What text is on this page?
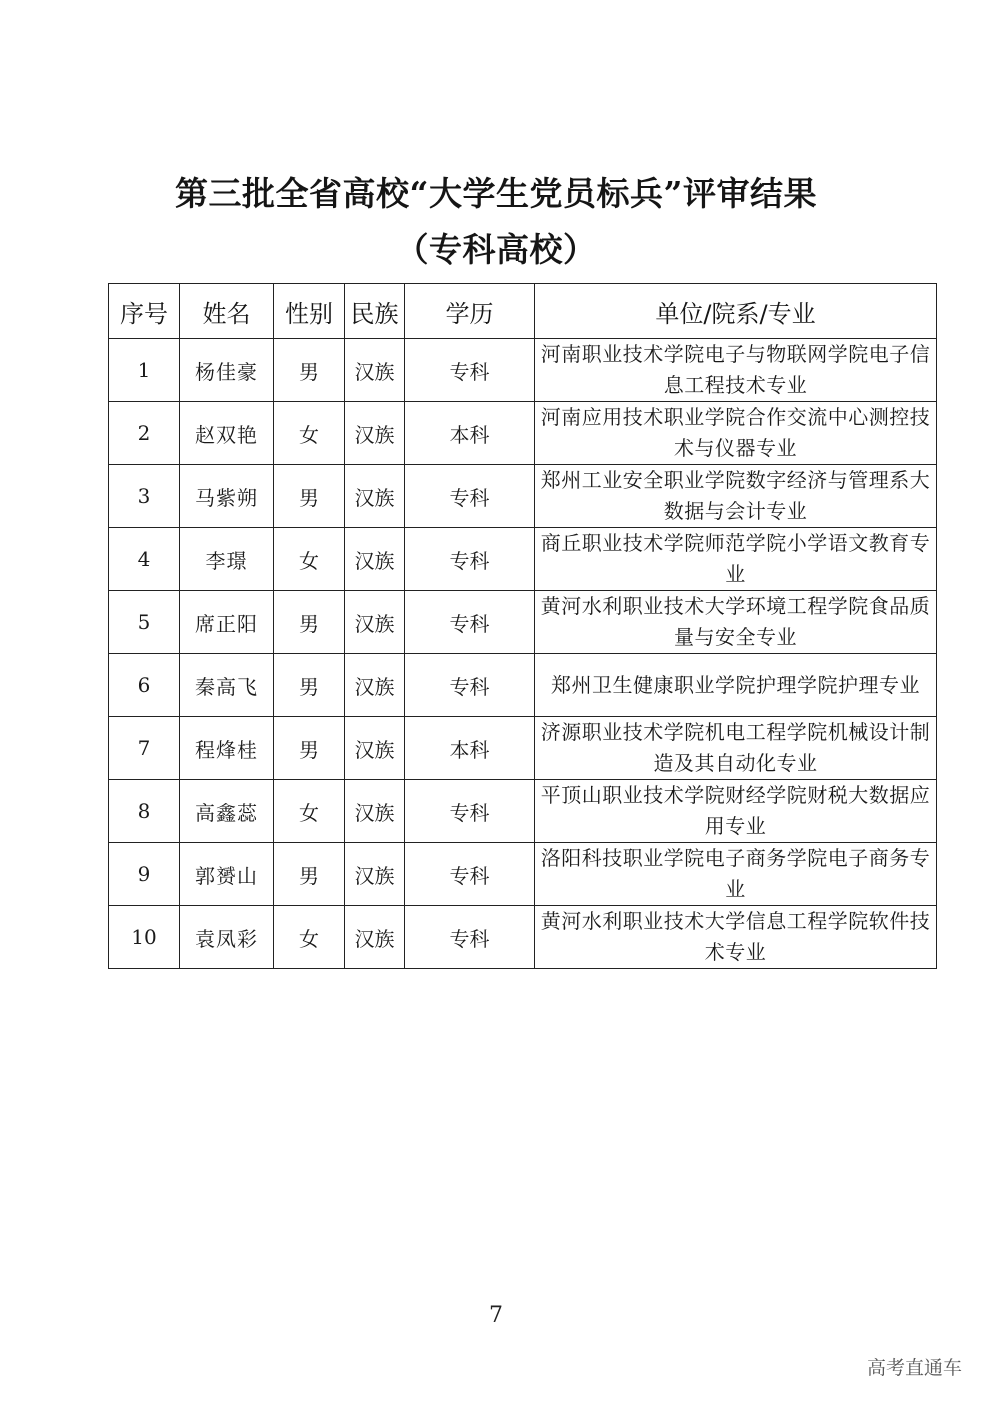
第三批全省高校“大学生党员标兵”评审结果
（专科高校）
序号	姓名	性别	民族	学历	单位/院系/专业
1	杨佳豪	男	汉族	专科	河南职业技术学院电子与物联网学院电子信息工程技术专业
2	赵双艳	女	汉族	本科	河南应用技术职业学院合作交流中心测控技术与仪器专业
3	马紫朔	男	汉族	专科	郑州工业安全职业学院数字经济与管理系大数据与会计专业
4	李璟	女	汉族	专科	商丘职业技术学院师范学院小学语文教育专业
5	席正阳	男	汉族	专科	黄河水利职业技术大学环境工程学院食品质量与安全专业
6	秦高飞	男	汉族	专科	郑州卫生健康职业学院护理学院护理专业
7	程烽桂	男	汉族	本科	济源职业技术学院机电工程学院机械设计制造及其自动化专业
8	高鑫蕊	女	汉族	专科	平顶山职业技术学院财经学院财税大数据应用专业
9	郭赟山	男	汉族	专科	洛阳科技职业学院电子商务学院电子商务专业
10	袁凤彩	女	汉族	专科	黄河水利职业技术大学信息工程学院软件技术专业
7
高考直通车
